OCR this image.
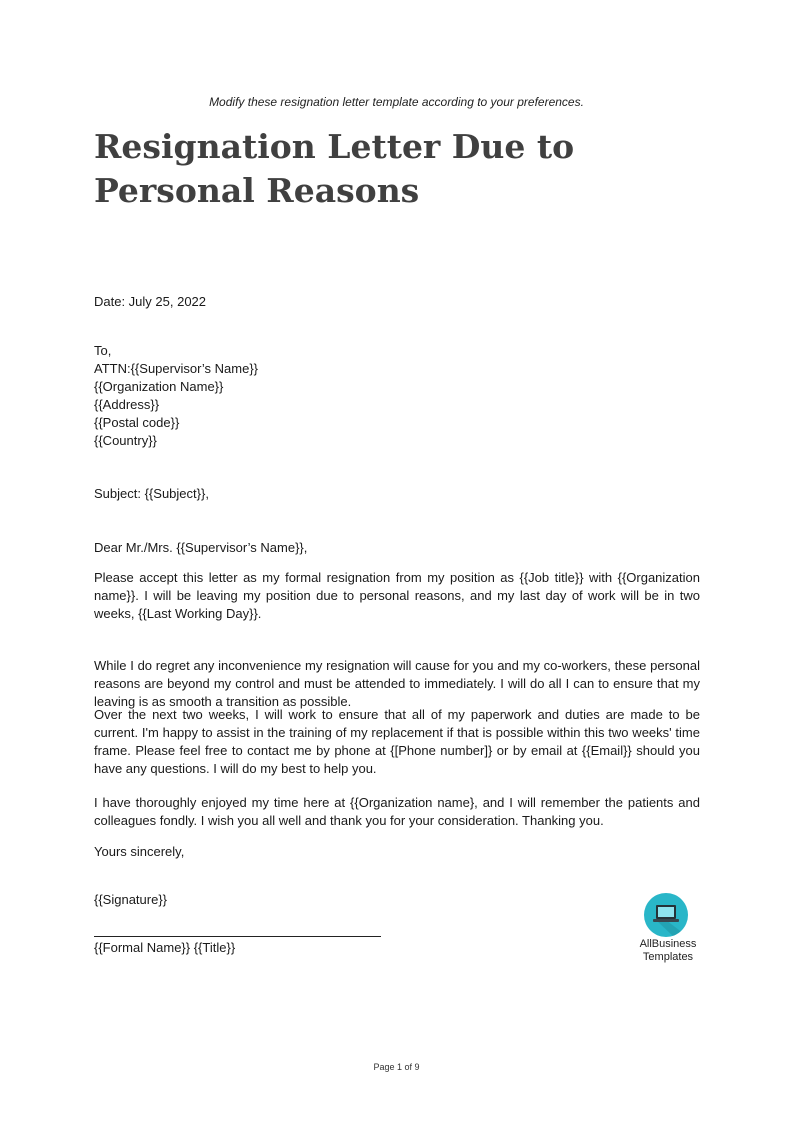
Modify these resignation letter template according to your preferences.
Resignation Letter Due to Personal Reasons
Date: July 25, 2022
To,
ATTN:{{Supervisor’s Name}}
{{Organization Name}}
{{Address}}
{{Postal code}}
{{Country}}
Subject: {{Subject}},
Dear Mr./Mrs. {{Supervisor’s Name}},

Please accept this letter as my formal resignation from my position as {{Job title}} with {{Organization name}}. I will be leaving my position due to personal reasons, and my last day of work will be in two weeks, {{Last Working Day}}.

While I do regret any inconvenience my resignation will cause for you and my co-workers, these personal reasons are beyond my control and must be attended to immediately. I will do all I can to ensure that my leaving is as smooth a transition as possible.

Over the next two weeks, I will work to ensure that all of my paperwork and duties are made to be current. I'm happy to assist in the training of my replacement if that is possible within this two weeks' time frame. Please feel free to contact me by phone at {[Phone number]} or by email at {{Email}} should you have any questions. I will do my best to help you.

I have thoroughly enjoyed my time here at {{Organization name}, and I will remember the patients and colleagues fondly. I wish you all well and thank you for your consideration. Thanking you.

Yours sincerely,
{{Signature}}
{{Formal Name}} {{Title}}	AllBusiness
Templates
Page 1 of 9
